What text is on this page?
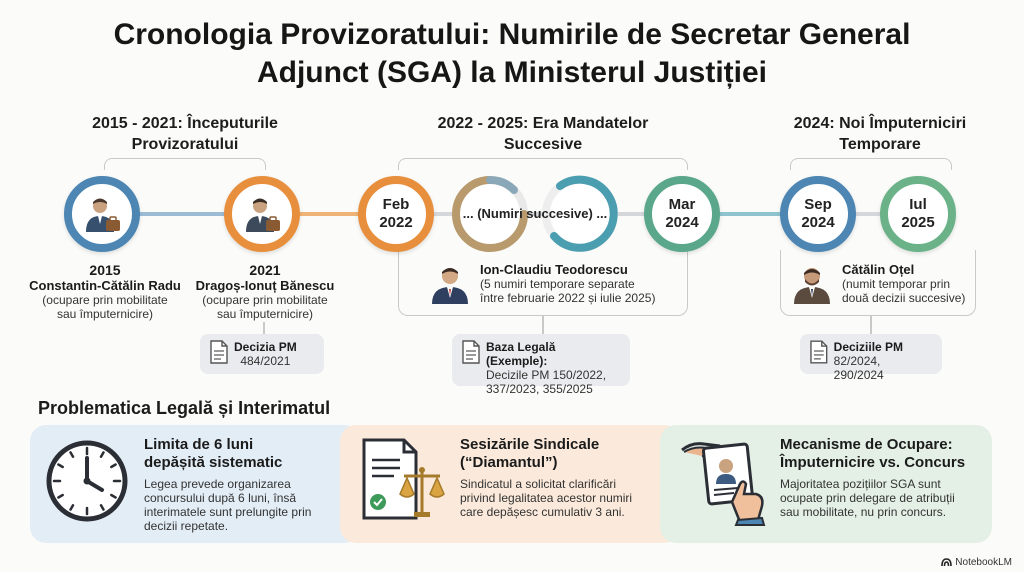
Cronologia Provizoratului: Numirile de Secretar General
Adjunct (SGA) la Ministerul Justiției
2015 - 2021: Începuturile
Provizoratului
2022 - 2025: Era Mandatelor
Succesive
2024: Noi Împuterniciri
Temporare
Feb
2022
... (Numiri succesive) ...
Mar
2024
Sep
2024
Iul
2025
2015
Constantin-Cătălin Radu
(ocupare prin mobilitate
sau împuternicire)
2021
Dragoș-Ionuț Bănescu
(ocupare prin mobilitate
sau împuternicire)
Ion-Claudiu Teodorescu
(5 numiri temporare separate
între februarie 2022 și iulie 2025)
Cătălin Oțel
(numit temporar prin
două decizii succesive)
Decizia PM
484/2021
Baza Legală (Exemple):
Decizile PM 150/2022,
337/2023, 355/2025
Deciziile PM
82/2024, 290/2024
Problematica Legală și Interimatul
Limita de 6 luni
depășită sistematic
Legea prevede organizarea
concursului după 6 luni, însă
interimatele sunt prelungite prin
decizii repetate.
Sesizările Sindicale
(“Diamantul”)
Sindicatul a solicitat clarificări
privind legalitatea acestor numiri
care depășesc cumulativ 3 ani.
Mecanisme de Ocupare:
Împuternicire vs. Concurs
Majoritatea pozițiilor SGA sunt
ocupate prin delegare de atribuții
sau mobilitate, nu prin concurs.
NotebookLM
